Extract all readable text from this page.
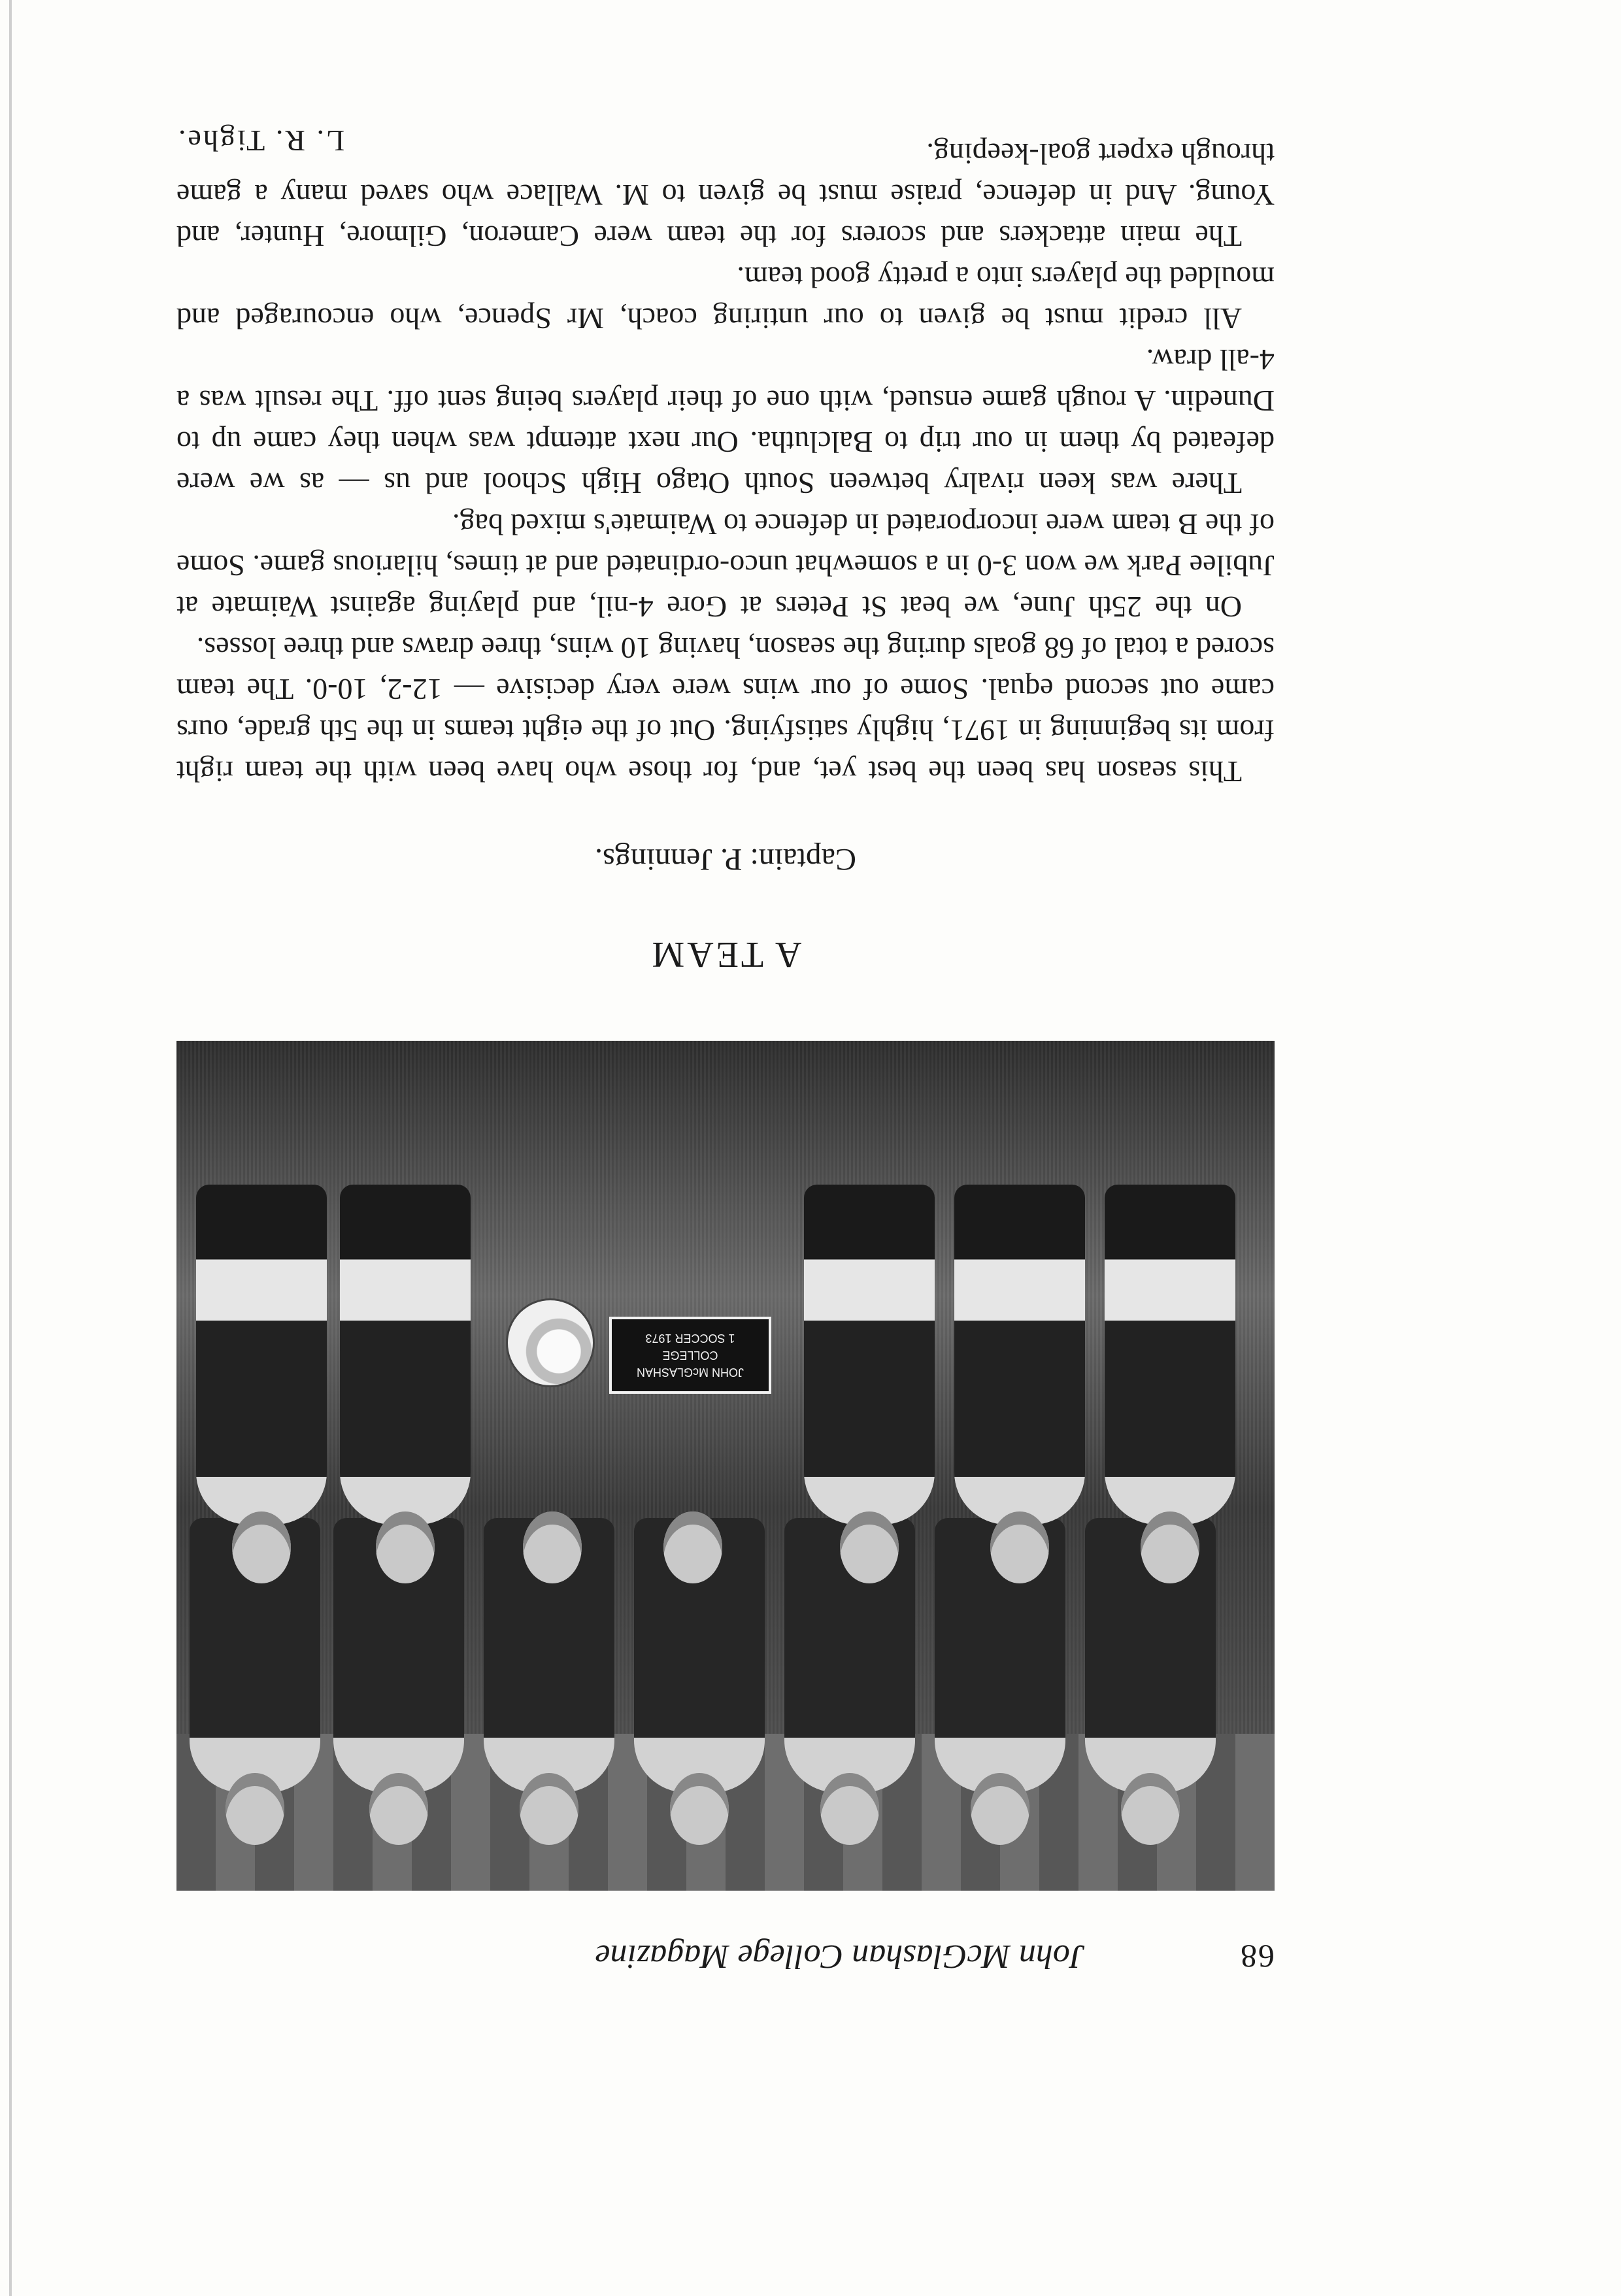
68
John McGlashan College Magazine
JOHN McGLASHAN
COLLEGE
1 SOCCER 1973
A TEAM
Captain: P. Jennings.

This season has been the best yet, and, for those who have been with the team right from its beginning in 1971, highly satisfying. Out of the eight teams in the 5th grade, ours came out second equal. Some of our wins were very decisive — 12-2, 10-0. The team scored a total of 68 goals during the season, having 10 wins, three draws and three losses.

On the 25th June, we beat St Peters at Gore 4-nil, and playing against Waimate at Jubilee Park we won 3-0 in a somewhat unco-ordinated and at times, hilarious game. Some of the B team were incorporated in defence to Waimate's mixed bag.

There was keen rivalry between South Otago High School and us — as we were defeated by them in our trip to Balclutha. Our next attempt was when they came up to Dunedin. A rough game ensued, with one of their players being sent off. The result was a 4-all draw.

All credit must be given to our untiring coach, Mr Spence, who encouraged and moulded the players into a pretty good team.

The main attackers and scorers for the team were Cameron, Gilmore, Hunter, and Young. And in defence, praise must be given to M. Wallace who saved many a game through expert goal-keeping.

L. R. Tighe.
